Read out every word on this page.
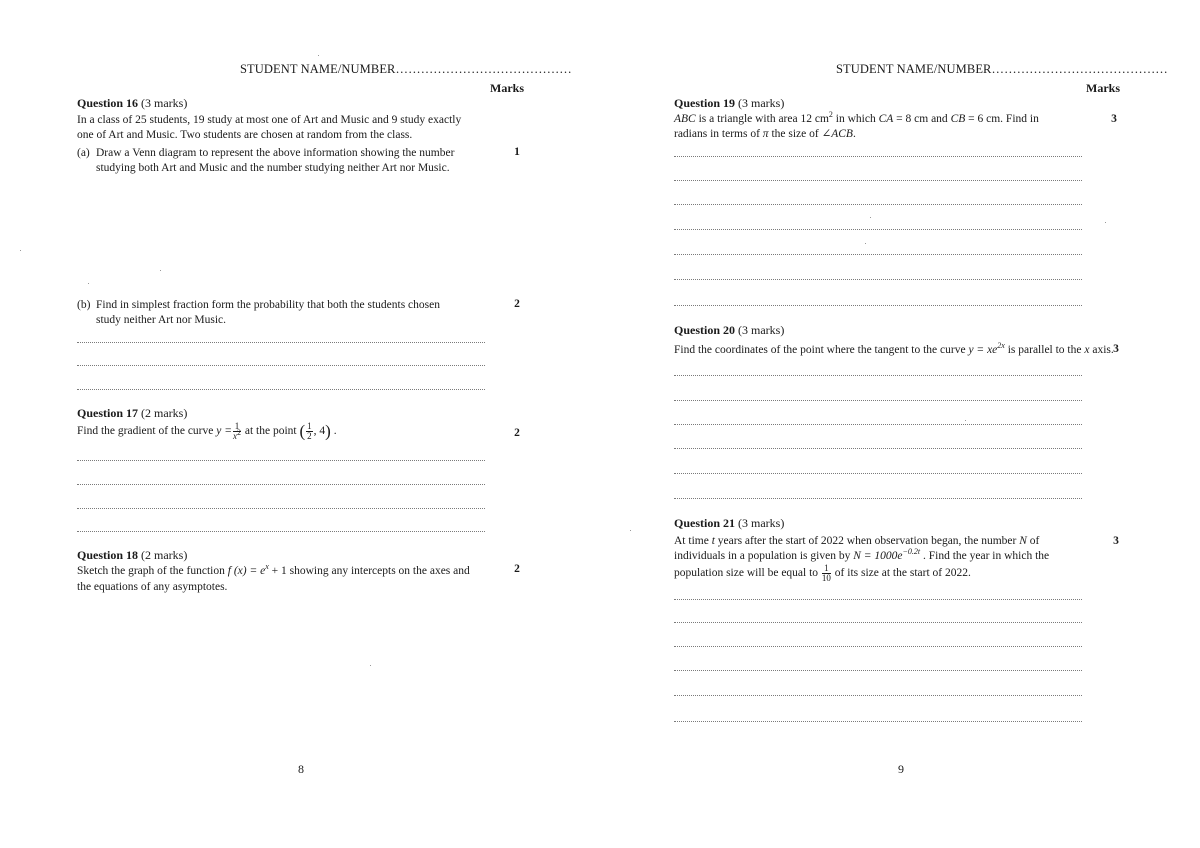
STUDENT NAME/NUMBER……………………………………
Marks
Question 16 (3 marks)
In a class of 25 students, 19 study at most one of Art and Music and 9 study exactly one of Art and Music. Two students are chosen at random from the class.
(a) Draw a Venn diagram to represent the above information showing the number studying both Art and Music and the number studying neither Art nor Music.
1
(b) Find in simplest fraction form the probability that both the students chosen study neither Art nor Music.
2
Question 17 (2 marks)
Find the gradient of the curve $y = \frac{1}{x^2}$ at the point ( $\frac{1}{2}$ , 4) .	2
Question 18 (2 marks)
Sketch the graph of the function f $(x) = e^x + 1$ showing any intercepts on the axes and the equations of any asymptotes.
2
8
STUDENT NAME/NUMBER……………………………………
Marks
Question 19 (3 marks)
ABC is a triangle with area 12 $cm^2$ in which CA = 8 cm and CB = 6 cm. Find in radians in terms of π the size of ∠ACB.
3
Question 20 (3 marks)
Find the coordinates of the point where the tangent to the curve $y = xe^{2x}$ is parallel to the x axis. 3
Question 21 (3 marks)
At time t years after the start of 2022 when observation began, the number N of individuals in a population is given by $N = 1000e^{-0.2t}$ . Find the year in which the population size will be equal to $\frac{1}{10}$ of its size at the start of 2022.
3
9
